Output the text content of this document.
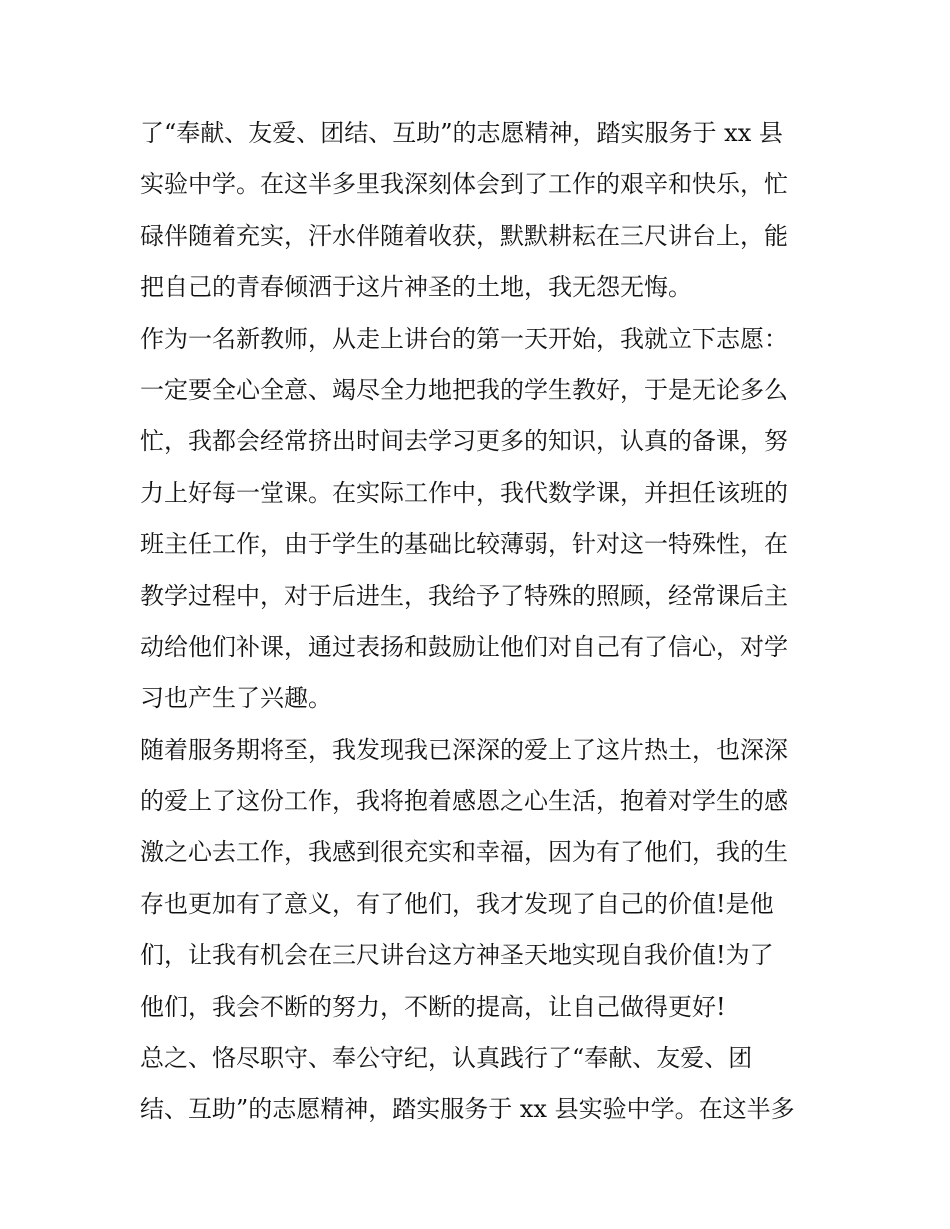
了“奉献、友爱、团结、互助”的志愿精神，踏实服务于 xx 县
实验中学。在这半多里我深刻体会到了工作的艰辛和快乐，忙
碌伴随着充实，汗水伴随着收获，默默耕耘在三尺讲台上，能
把自己的青春倾洒于这片神圣的土地，我无怨无悔。
作为一名新教师，从走上讲台的第一天开始，我就立下志愿：
一定要全心全意、竭尽全力地把我的学生教好，于是无论多么
忙，我都会经常挤出时间去学习更多的知识，认真的备课，努
力上好每一堂课。在实际工作中，我代数学课，并担任该班的
班主任工作，由于学生的基础比较薄弱，针对这一特殊性，在
教学过程中，对于后进生，我给予了特殊的照顾，经常课后主
动给他们补课，通过表扬和鼓励让他们对自己有了信心，对学
习也产生了兴趣。
随着服务期将至，我发现我已深深的爱上了这片热土，也深深
的爱上了这份工作，我将抱着感恩之心生活，抱着对学生的感
激之心去工作，我感到很充实和幸福，因为有了他们，我的生
存也更加有了意义，有了他们，我才发现了自己的价值!是他
们，让我有机会在三尺讲台这方神圣天地实现自我价值!为了
他们，我会不断的努力，不断的提高，让自己做得更好!
总之、恪尽职守、奉公守纪，认真践行了“奉献、友爱、团
结、互助”的志愿精神，踏实服务于 xx 县实验中学。在这半多
